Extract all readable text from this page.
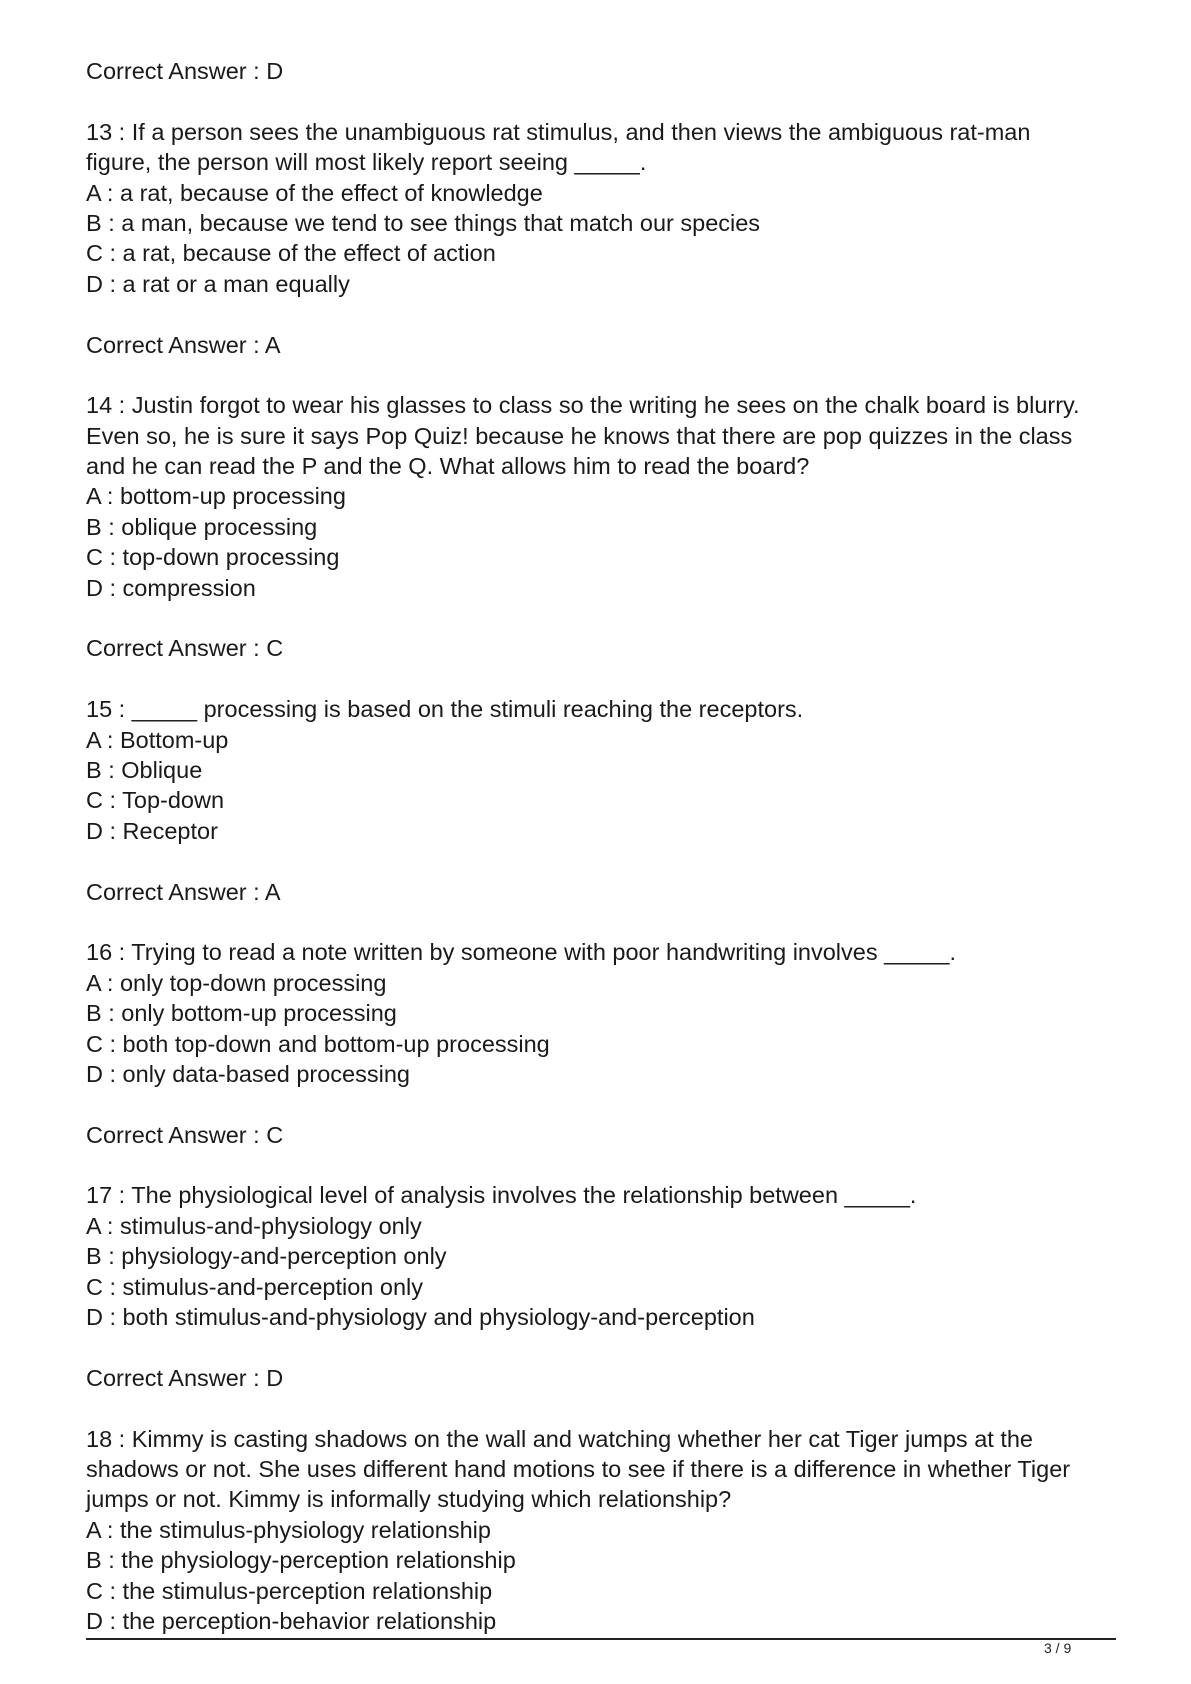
Correct Answer : D
13 : If a person sees the unambiguous rat stimulus, and then views the ambiguous rat-man
figure, the person will most likely report seeing _____.
A : a rat, because of the effect of knowledge
B : a man, because we tend to see things that match our species
C : a rat, because of the effect of action
D : a rat or a man equally
Correct Answer : A
14 : Justin forgot to wear his glasses to class so the writing he sees on the chalk board is blurry.
Even so, he is sure it says Pop Quiz! because he knows that there are pop quizzes in the class
and he can read the P and the Q. What allows him to read the board?
A : bottom-up processing
B : oblique processing
C : top-down processing
D : compression
Correct Answer : C
15 : _____ processing is based on the stimuli reaching the receptors.
A : Bottom-up
B : Oblique
C : Top-down
D : Receptor
Correct Answer : A
16 : Trying to read a note written by someone with poor handwriting involves _____.
A : only top-down processing
B : only bottom-up processing
C : both top-down and bottom-up processing
D : only data-based processing
Correct Answer : C
17 : The physiological level of analysis involves the relationship between _____.
A : stimulus-and-physiology only
B : physiology-and-perception only
C : stimulus-and-perception only
D : both stimulus-and-physiology and physiology-and-perception
Correct Answer : D
18 : Kimmy is casting shadows on the wall and watching whether her cat Tiger jumps at the
shadows or not. She uses different hand motions to see if there is a difference in whether Tiger
jumps or not. Kimmy is informally studying which relationship?
A : the stimulus-physiology relationship
B : the physiology-perception relationship
C : the stimulus-perception relationship
D : the perception-behavior relationship
3 / 9
